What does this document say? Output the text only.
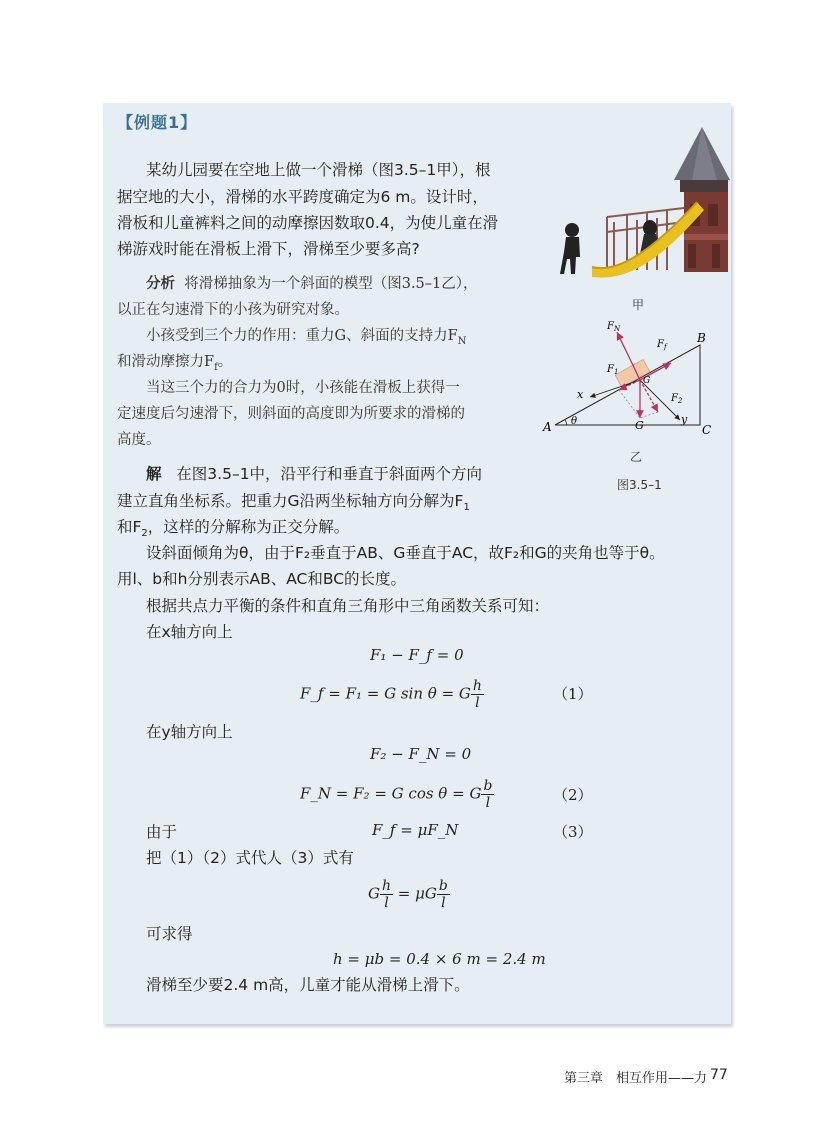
【例题1】
甲
A
B
C
θ	G
G
x
y
$F_N$
$F_f$
$F_1$
$F_2$
乙
图3.5–1
某幼儿园要在空地上做一个滑梯（图3.5–1甲），根
据空地的大小，滑梯的水平跨度确定为6 m。设计时，
滑板和儿童裤料之间的动摩擦因数取0.4，为使儿童在滑
梯游戏时能在滑板上滑下，滑梯至少要多高?
分析 将滑梯抽象为一个斜面的模型（图3.5–1乙），
以正在匀速滑下的小孩为研究对象。
小孩受到三个力的作用：重力G、斜面的支持力$F_N$
和滑动摩擦力$F_f$。
当这三个力的合力为0时，小孩能在滑板上获得一
定速度后匀速滑下，则斜面的高度即为所要求的滑梯的
高度。
解 在图3.5–1中，沿平行和垂直于斜面两个方向
建立直角坐标系。把重力G沿两坐标轴方向分解为$F_1$
和$F_2$，这样的分解称为正交分解。
设斜面倾角为θ，由于F₂垂直于AB、G垂直于AC，故F₂和G的夹角也等于θ。
用l、b和h分别表示AB、AC和BC的长度。
根据共点力平衡的条件和直角三角形中三角函数关系可知：
在x轴方向上
F₁ − F_f = 0
F_f = F₁ = G sin θ = G $\frac{h}{l}$	（1）
在y轴方向上
F₂ − F_N = 0
F_N = F₂ = G cos θ = G $\frac{b}{l}$	（2）
由于	F_f = μF_N	（3）
把（1）（2）式代人（3）式有
G $\frac{h}{l} = \mu G \frac{b}{l}$
可求得
h = μb = 0.4 × 6 m = 2.4 m
滑梯至少要2.4 m高，儿童才能从滑梯上滑下。
第三章　相互作用——力 77
